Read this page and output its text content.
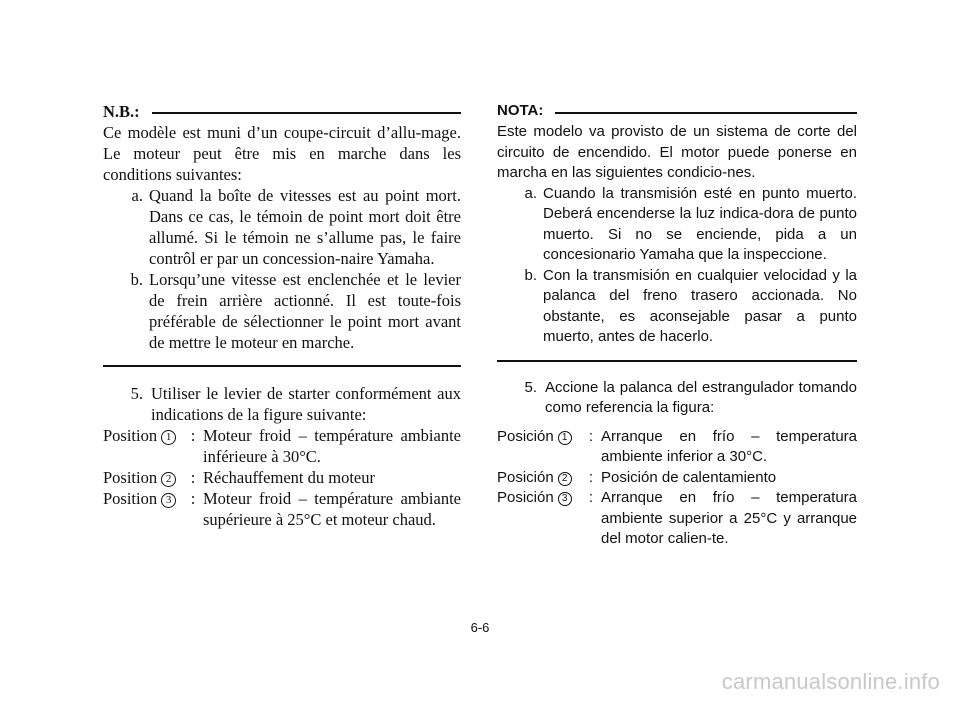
N.B.:
Ce modèle est muni d’un coupe-circuit d’allu-mage. Le moteur peut être mis en marche dans les conditions suivantes:
a. Quand la boîte de vitesses est au point mort. Dans ce cas, le témoin de point mort doit être allumé. Si le témoin ne s’allume pas, le faire contrôl er par un concession-naire Yamaha.
b. Lorsqu’une vitesse est enclenchée et le levier de frein arrière actionné. Il est toute-fois préférable de sélectionner le point mort avant de mettre le moteur en marche.
5. Utiliser le levier de starter conformément aux indications de la figure suivante:
Position 1	: Moteur froid – température ambiante inférieure à 30°C.
Position 2	: Réchauffement du moteur
Position 3	: Moteur froid – température ambiante supérieure à 25°C et moteur chaud.
NOTA:
Este modelo va provisto de un sistema de corte del circuito de encendido. El motor puede ponerse en marcha en las siguientes condicio-nes.
a. Cuando la transmisión esté en punto muerto. Deberá encenderse la luz indica-dora de punto muerto. Si no se enciende, pida a un concesionario Yamaha que la inspeccione.
b. Con la transmisión en cualquier velocidad y la palanca del freno trasero accionada. No obstante, es aconsejable pasar a punto muerto, antes de hacerlo.
5. Accione la palanca del estrangulador tomando como referencia la figura:
Posición 1	: Arranque en frío – temperatura ambiente inferior a 30°C.
Posición 2	: Posición de calentamiento
Posición 3	: Arranque en frío – temperatura ambiente superior a 25°C y arranque del motor calien-te.
6-6
carmanualsonline.info
